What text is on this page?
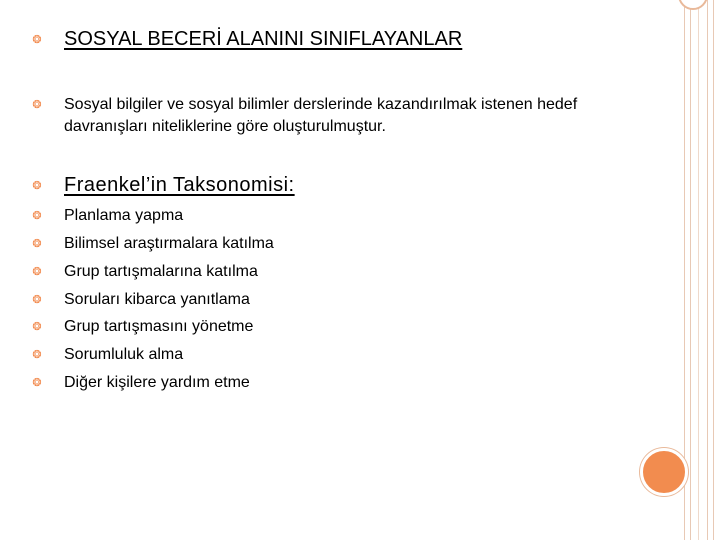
❂ SOSYAL BECERİ ALANINI SINIFLAYANLAR
❂ Sosyal bilgiler ve sosyal bilimler derslerinde kazandırılmak istenen hedef davranışları niteliklerine göre oluşturulmuştur.
❂ Fraenkel’in Taksonomisi:
❂ Planlama yapma
❂ Bilimsel araştırmalara katılma
❂ Grup tartışmalarına katılma
❂ Soruları kibarca yanıtlama
❂ Grup tartışmasını yönetme
❂ Sorumluluk alma
❂ Diğer kişilere yardım etme
